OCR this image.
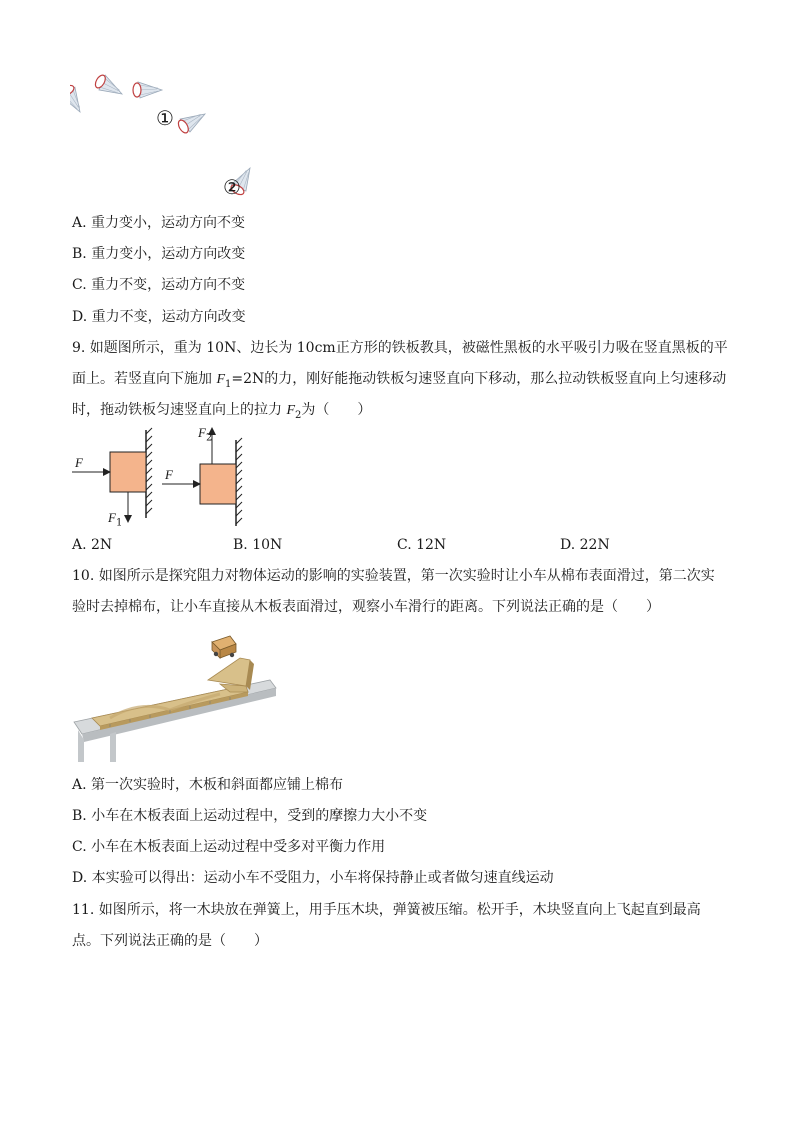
①
②
A. 重力变小，运动方向不变
B. 重力变小，运动方向改变
C. 重力不变，运动方向不变
D. 重力不变，运动方向改变
9. 如题图所示，重为 10N、边长为 10cm正方形的铁板教具，被磁性黑板的水平吸引力吸在竖直黑板的平
面上。若竖直向下施加 $F_1=2N$的力，刚好能拖动铁板匀速竖直向下移动，那么拉动铁板竖直向上匀速移动
时，拖动铁板匀速竖直向上的拉力 $F_2$为（　　）
F
$F_1$
F
$F_2$
A. 2N	B. 10N	C. 12N	D. 22N
10. 如图所示是探究阻力对物体运动的影响的实验装置，第一次实验时让小车从棉布表面滑过，第二次实
验时去掉棉布，让小车直接从木板表面滑过，观察小车滑行的距离。下列说法正确的是（　　）
A. 第一次实验时，木板和斜面都应铺上棉布
B. 小车在木板表面上运动过程中，受到的摩擦力大小不变
C. 小车在木板表面上运动过程中受多对平衡力作用
D. 本实验可以得出：运动小车不受阻力，小车将保持静止或者做匀速直线运动
11. 如图所示，将一木块放在弹簧上，用手压木块，弹簧被压缩。松开手，木块竖直向上飞起直到最高
点。下列说法正确的是（　　）
